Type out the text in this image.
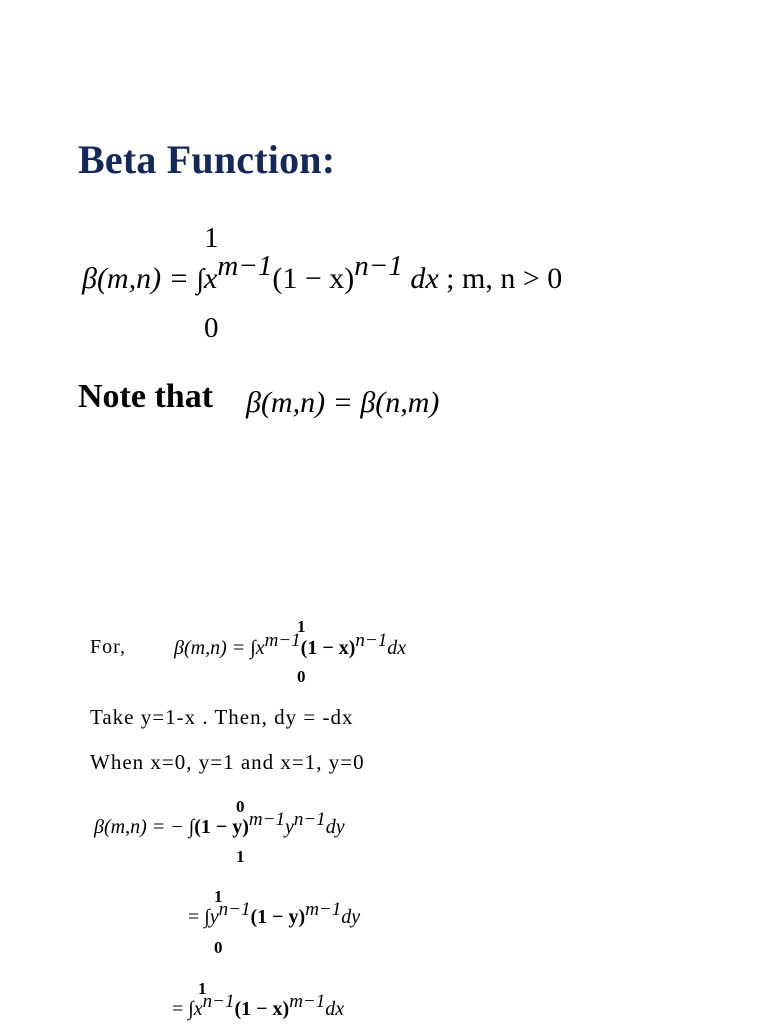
Beta Function:
1
0
β(m,n) = ∫xm−1(1 − x)n−1 dx ; m, n > 0
Note that β(m,n) = β(n,m)
1
0
For, β(m,n) = ∫xm−1(1 − x)n−1dx
Take y=1-x . Then, dy = -dx
When x=0, y=1 and x=1, y=0
0
1
β(m,n) = − ∫(1 − y)m−1yn−1dy
1
0
= ∫yn−1(1 − y)m−1dy
1
= ∫xn−1(1 − x)m−1dx
